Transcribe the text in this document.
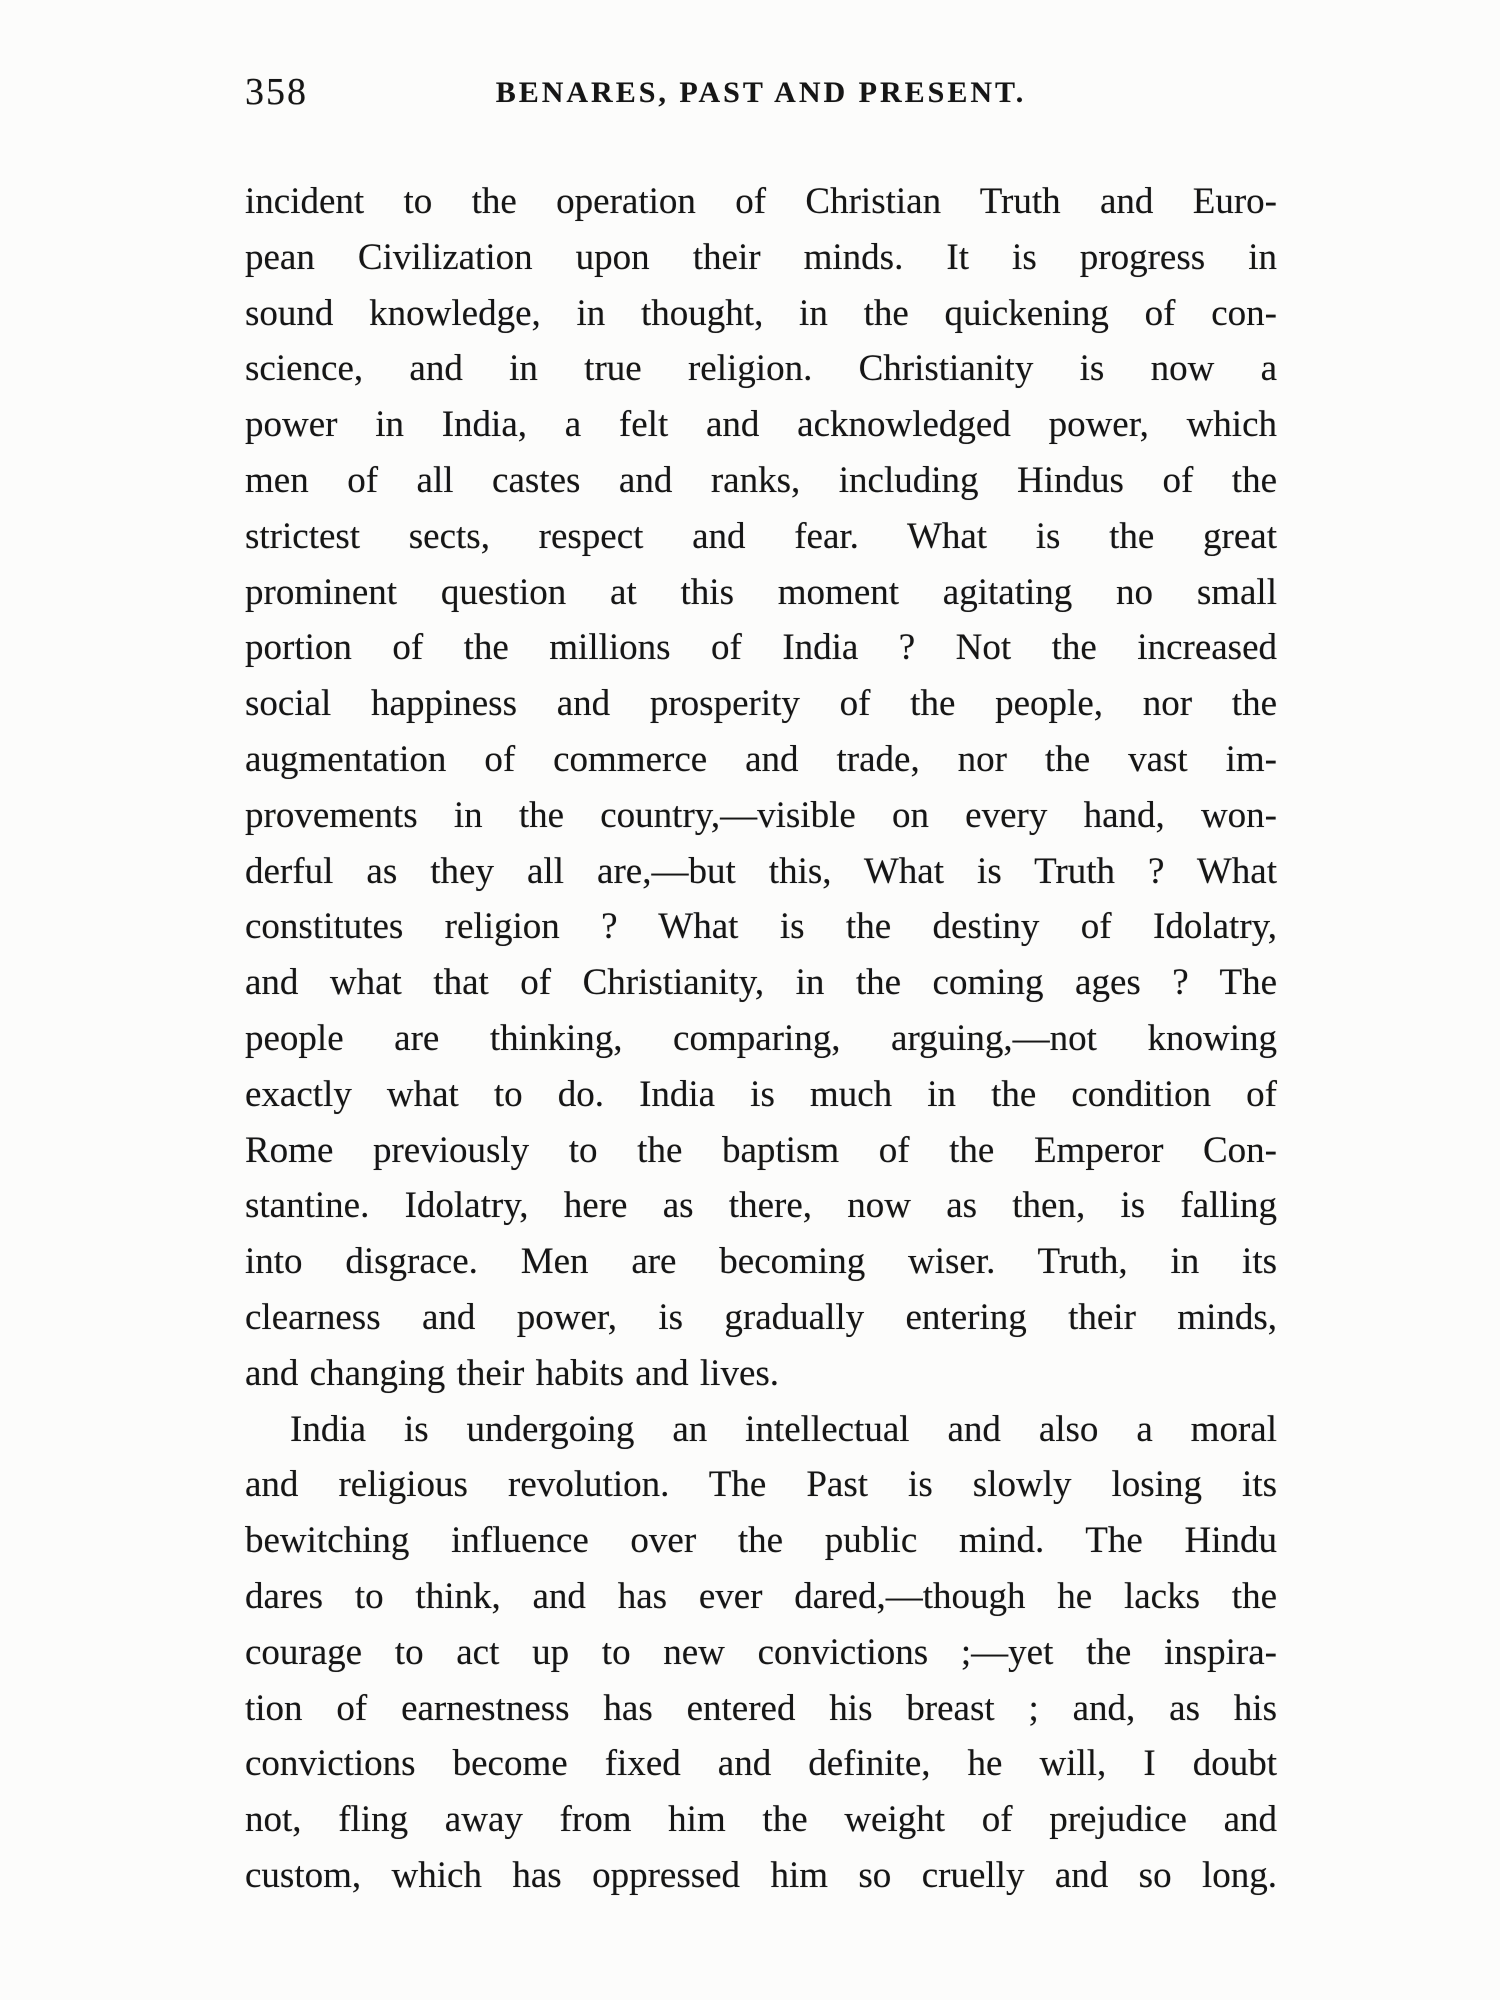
358	BENARES, PAST AND PRESENT.
incident to the operation of Christian Truth and Euro-
pean Civilization upon their minds. It is progress in
sound knowledge, in thought, in the quickening of con-
science, and in true religion. Christianity is now a
power in India, a felt and acknowledged power, which
men of all castes and ranks, including Hindus of the
strictest sects, respect and fear. What is the great
prominent question at this moment agitating no small
portion of the millions of India ? Not the increased
social happiness and prosperity of the people, nor the
augmentation of commerce and trade, nor the vast im-
provements in the country,—visible on every hand, won-
derful as they all are,—but this, What is Truth ? What
constitutes religion ? What is the destiny of Idolatry,
and what that of Christianity, in the coming ages ? The
people are thinking, comparing, arguing,—not knowing
exactly what to do. India is much in the condition of
Rome previously to the baptism of the Emperor Con-
stantine. Idolatry, here as there, now as then, is falling
into disgrace. Men are becoming wiser. Truth, in its
clearness and power, is gradually entering their minds,
and changing their habits and lives.
India is undergoing an intellectual and also a moral
and religious revolution. The Past is slowly losing its
bewitching influence over the public mind. The Hindu
dares to think, and has ever dared,—though he lacks the
courage to act up to new convictions ;—yet the inspira-
tion of earnestness has entered his breast ; and, as his
convictions become fixed and definite, he will, I doubt
not, fling away from him the weight of prejudice and
custom, which has oppressed him so cruelly and so long.
